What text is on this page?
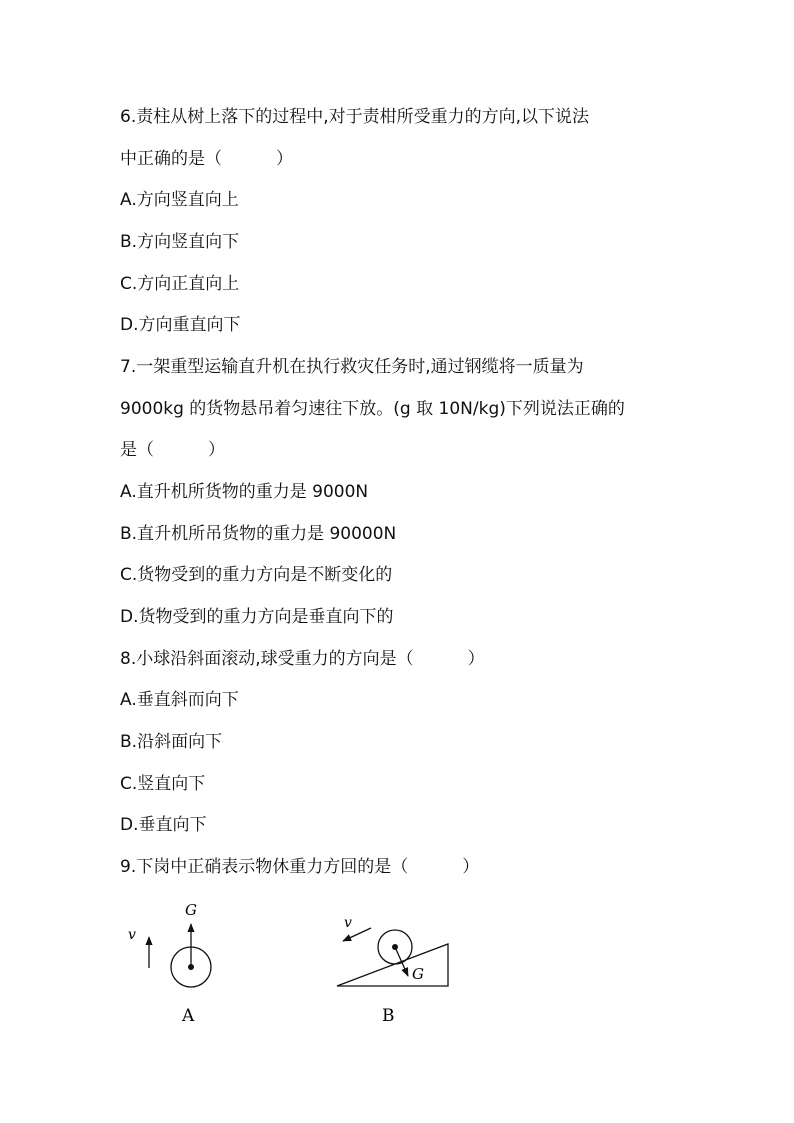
6.责柱从树上落下的过程中,对于责柑所受重力的方向,以下说法
中正确的是（          ）
A.方向竖直向上
B.方向竖直向下
C.方向正直向上
D.方向重直向下
7.一架重型运输直升机在执行救灾任务时,通过钢缆将一质量为
9000kg 的货物悬吊着匀速往下放。(g 取 10N/kg)下列说法正确的
是（          ）
A.直升机所货物的重力是 9000N
B.直升机所吊货物的重力是 90000N
C.货物受到的重力方向是不断变化的
D.货物受到的重力方向是垂直向下的
8.小球沿斜面滚动,球受重力的方向是（          ）
A.垂直斜而向下
B.沿斜面向下
C.竖直向下
D.垂直向下
9.下岗中正硝表示物休重力方回的是（          ）
v
G
A
v
G
B
